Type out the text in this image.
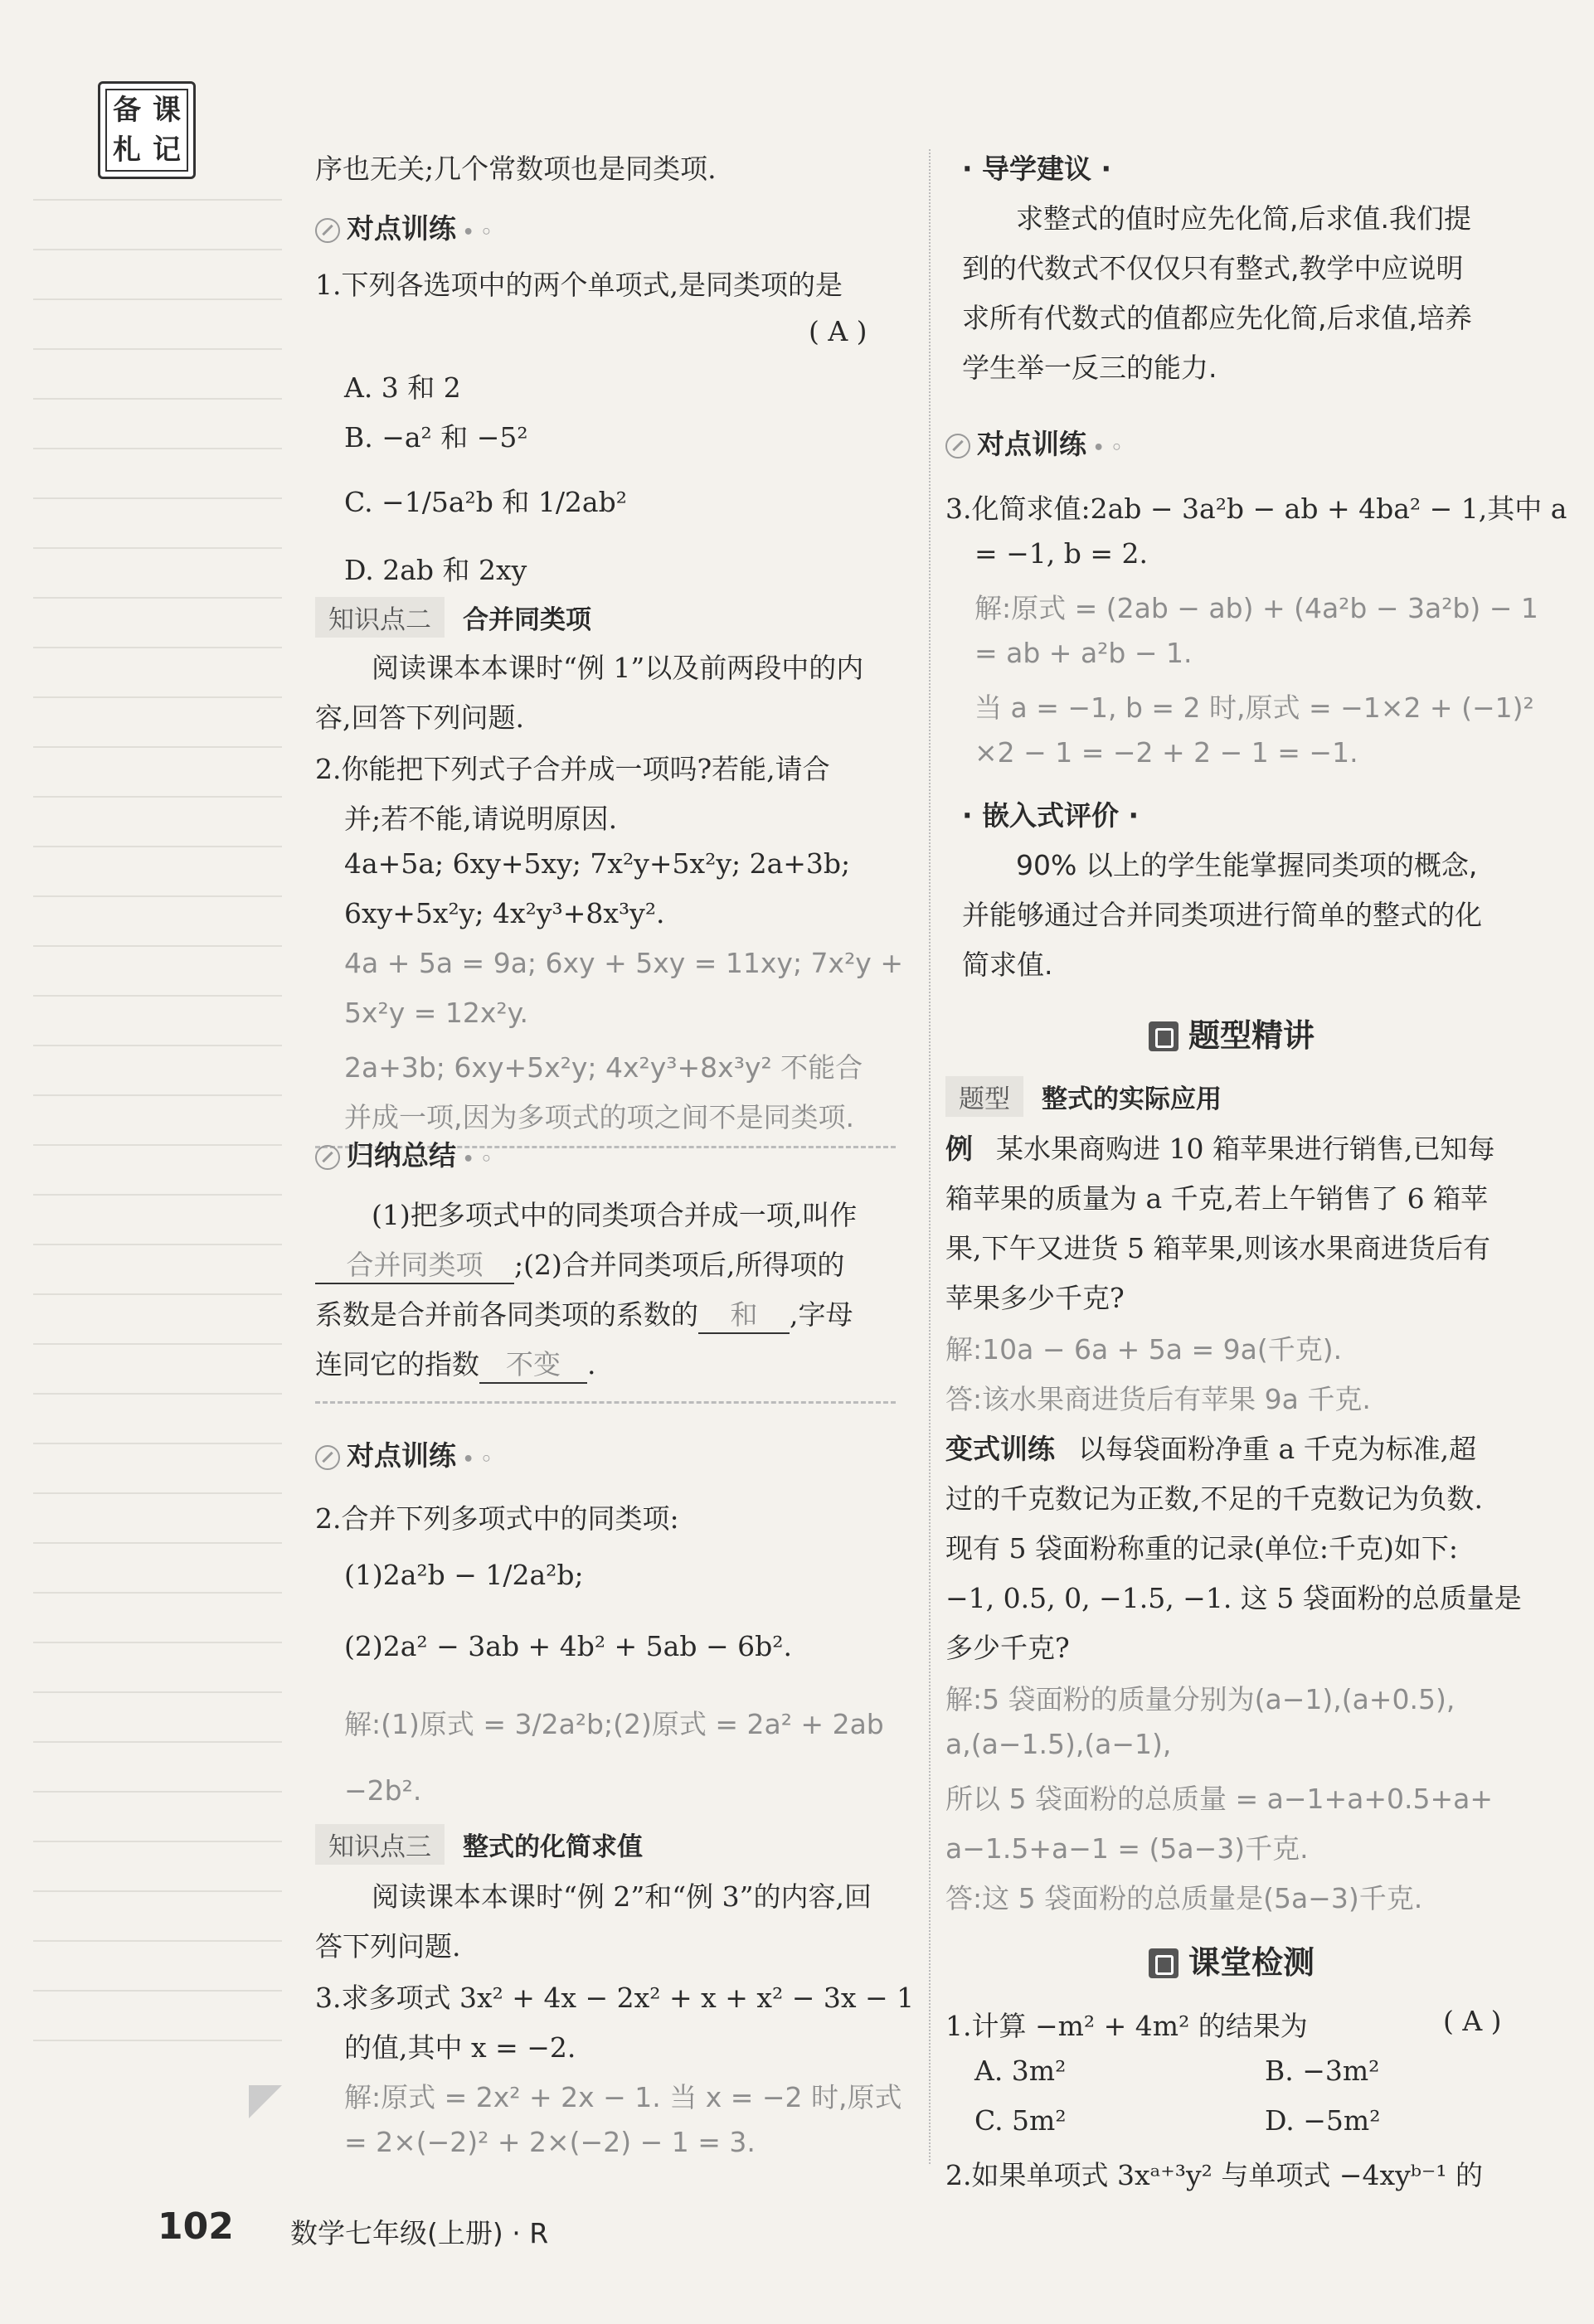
备 课
札 记
序也无关;几个常数项也是同类项.
对点训练 • ◦
1.下列各选项中的两个单项式,是同类项的是
( A )
A. 3 和 2
B. −a² 和 −5²
C. −1/5a²b 和 1/2ab²
D. 2ab 和 2xy
知识点二 合并同类项
阅读课本本课时“例 1”以及前两段中的内
容,回答下列问题.
2.你能把下列式子合并成一项吗?若能,请合
并;若不能,请说明原因.
4a+5a; 6xy+5xy; 7x²y+5x²y; 2a+3b;
6xy+5x²y; 4x²y³+8x³y².
4a + 5a = 9a; 6xy + 5xy = 11xy; 7x²y +
5x²y = 12x²y.
2a+3b; 6xy+5x²y; 4x²y³+8x³y² 不能合
并成一项,因为多项式的项之间不是同类项.
归纳总结 • ◦
(1)把多项式中的同类项合并成一项,叫作
合并同类项 ;(2)合并同类项后,所得项的
系数是合并前各同类项的系数的 和 ,字母
连同它的指数 不变 .
对点训练 • ◦
2.合并下列多项式中的同类项:
(1)2a²b − 1/2a²b;
(2)2a² − 3ab + 4b² + 5ab − 6b².
解:(1)原式 = 3/2a²b;(2)原式 = 2a² + 2ab
−2b².
知识点三 整式的化简求值
阅读课本本课时“例 2”和“例 3”的内容,回
答下列问题.
3.求多项式 3x² + 4x − 2x² + x + x² − 3x − 1
的值,其中 x = −2.
解:原式 = 2x² + 2x − 1. 当 x = −2 时,原式
= 2×(−2)² + 2×(−2) − 1 = 3.
· 导学建议 ·
求整式的值时应先化简,后求值.我们提
到的代数式不仅仅只有整式,教学中应说明
求所有代数式的值都应先化简,后求值,培养
学生举一反三的能力.
对点训练 • ◦
3.化简求值:2ab − 3a²b − ab + 4ba² − 1,其中 a
= −1, b = 2.
解:原式 = (2ab − ab) + (4a²b − 3a²b) − 1
= ab + a²b − 1.
当 a = −1, b = 2 时,原式 = −1×2 + (−1)²
×2 − 1 = −2 + 2 − 1 = −1.
· 嵌入式评价 ·
90% 以上的学生能掌握同类项的概念,
并能够通过合并同类项进行简单的整式的化
简求值.
题型精讲
题型 整式的实际应用
例 某水果商购进 10 箱苹果进行销售,已知每
箱苹果的质量为 a 千克,若上午销售了 6 箱苹
果,下午又进货 5 箱苹果,则该水果商进货后有
苹果多少千克?
解:10a − 6a + 5a = 9a(千克).
答:该水果商进货后有苹果 9a 千克.
变式训练 以每袋面粉净重 a 千克为标准,超
过的千克数记为正数,不足的千克数记为负数.
现有 5 袋面粉称重的记录(单位:千克)如下:
−1, 0.5, 0, −1.5, −1. 这 5 袋面粉的总质量是
多少千克?
解:5 袋面粉的质量分别为(a−1),(a+0.5),
a,(a−1.5),(a−1),
所以 5 袋面粉的总质量 = a−1+a+0.5+a+
a−1.5+a−1 = (5a−3)千克.
答:这 5 袋面粉的总质量是(5a−3)千克.
课堂检测
1.计算 −m² + 4m² 的结果为	( A )
A. 3m²	B. −3m²
C. 5m²	D. −5m²
2.如果单项式 3xᵃ⁺³y² 与单项式 −4xyᵇ⁻¹ 的
102 数学七年级(上册) · R
